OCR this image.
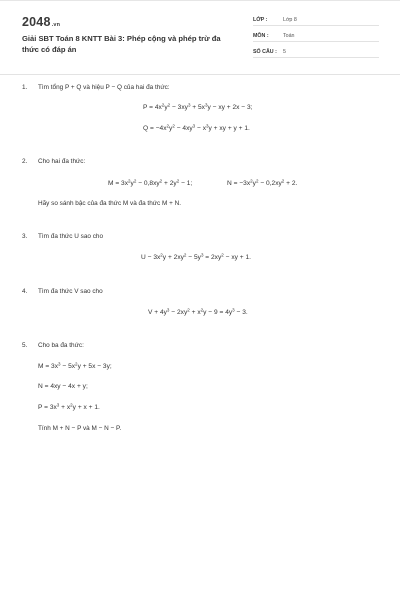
2048.vn
Giải SBT Toán 8 KNTT Bài 3: Phép cộng và phép trừ đa thức có đáp án
LỚP :	Lớp 8
MÔN :	Toán
SỐ CÂU : 5
1. Tìm tổng P + Q và hiệu P − Q của hai đa thức:
$P = 4x^2y^2 - 3xy^3 + 5x^3y$ − xy + 2x − 3;
$Q = -4x^2y^2 - 4xy^3 - x^3y$ + xy + y + 1.
2. Cho hai đa thức:
$M = 3x^2y^2 - 0,8xy^2 + 2y^2 - 1$;	$N = -3x^2y^2 - 0,2xy^2 + 2$.
Hãy so sánh bậc của đa thức M và đa thức M + N.
3. Tìm đa thức U sao cho
$U - 3x^2y + 2xy^2 - 5y^3 = 2xy^2$ − xy + 1.
4. Tìm đa thức V sao cho
$V + 4y^3 - 2xy^2 + x^2y - 9 = 4y^3 - 3$.
5. Cho ba đa thức:
$M = 3x^3 - 5x^2y + 5x - 3y$;
N = 4xy − 4x + y;
$P = 3x^3 + x^2y + x + 1$.
Tính M + N − P và M − N − P.
